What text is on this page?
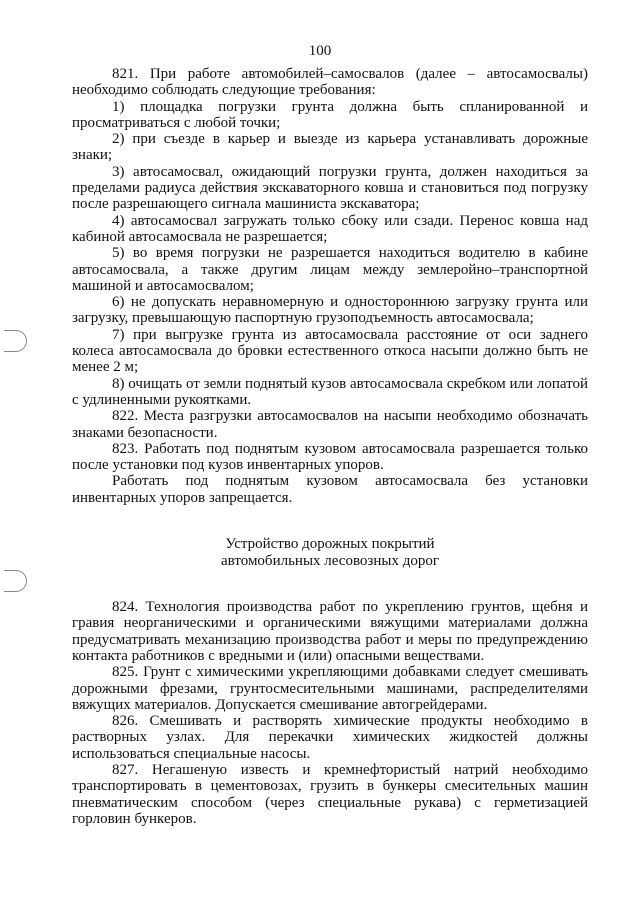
100

821. При работе автомобилей–самосвалов (далее – автосамосвалы) необходимо соблюдать следующие требования:

1) площадка погрузки грунта должна быть спланированной и просматриваться с любой точки;

2) при съезде в карьер и выезде из карьера устанавливать дорожные знаки;

3) автосамосвал, ожидающий погрузки грунта, должен находиться за пределами радиуса действия экскаваторного ковша и становиться под погрузку после разрешающего сигнала машиниста экскаватора;

4) автосамосвал загружать только сбоку или сзади. Перенос ковша над кабиной автосамосвала не разрешается;

5) во время погрузки не разрешается находиться водителю в кабине автосамосвала, а также другим лицам между землеройно–транспортной машиной и автосамосвалом;

6) не допускать неравномерную и одностороннюю загрузку грунта или загрузку, превышающую паспортную грузоподъемность автосамосвала;

7) при выгрузке грунта из автосамосвала расстояние от оси заднего колеса автосамосвала до бровки естественного откоса насыпи должно быть не менее 2 м;

8) очищать от земли поднятый кузов автосамосвала скребком или лопатой с удлиненными рукоятками.

822. Места разгрузки автосамосвалов на насыпи необходимо обозначать знаками безопасности.

823. Работать под поднятым кузовом автосамосвала разрешается только после установки под кузов инвентарных упоров.

Работать под поднятым кузовом автосамосвала без установки инвентарных упоров запрещается.

Устройство дорожных покрытий
автомобильных лесовозных дорог

824. Технология производства работ по укреплению грунтов, щебня и гравия неорганическими и органическими вяжущими материалами должна предусматривать механизацию производства работ и меры по предупреждению контакта работников с вредными и (или) опасными веществами.

825. Грунт с химическими укрепляющими добавками следует смешивать дорожными фрезами, грунтосмесительными машинами, распределителями вяжущих материалов. Допускается смешивание автогрейдерами.

826. Смешивать и растворять химические продукты необходимо в растворных узлах. Для перекачки химических жидкостей должны использоваться специальные насосы.

827. Негашеную известь и кремнефтористый натрий необходимо транспортировать в цементовозах, грузить в бункеры смесительных машин пневматическим способом (через специальные рукава) с герметизацией горловин бункеров.
